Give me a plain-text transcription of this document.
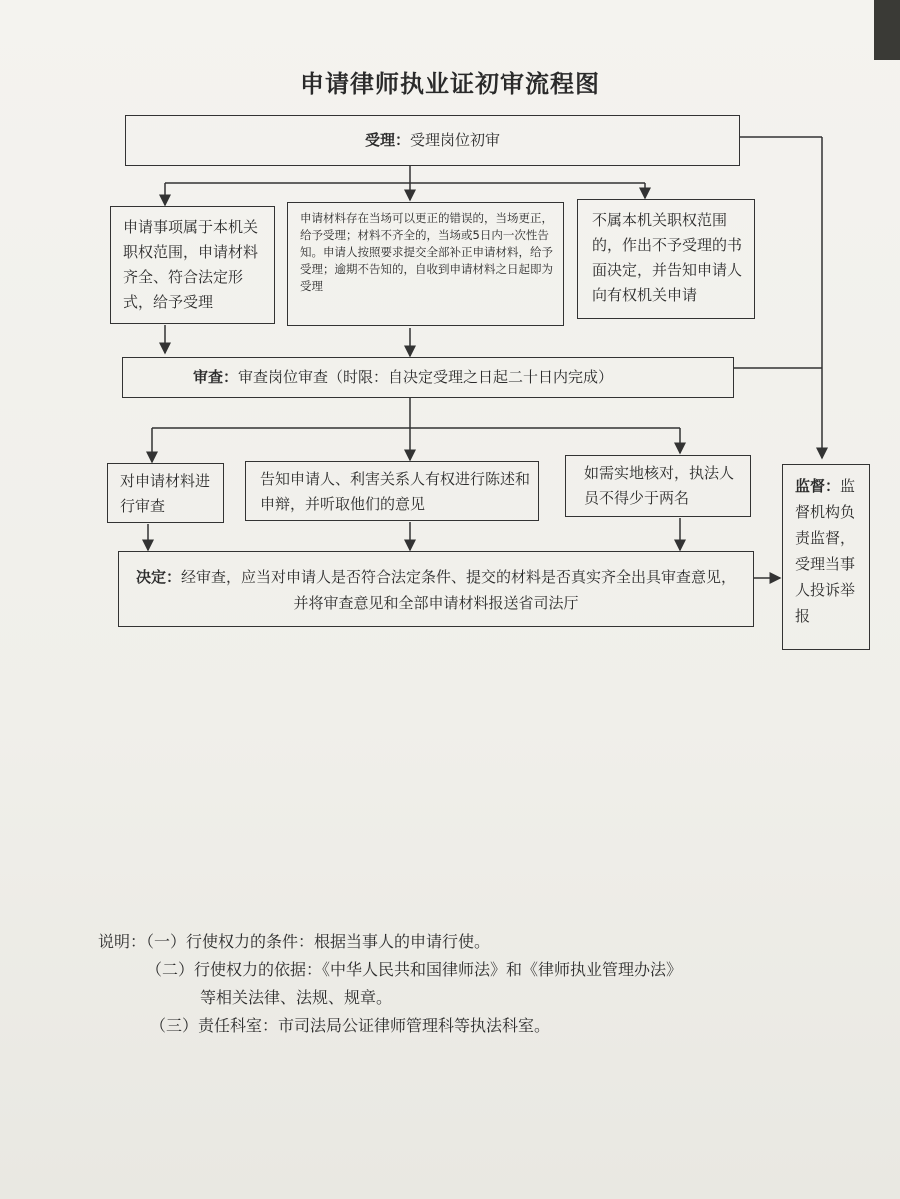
申请律师执业证初审流程图
受理：受理岗位初审
申请事项属于本机关职权范围，申请材料齐全、符合法定形式，给予受理
申请材料存在当场可以更正的错误的，当场更正，给予受理；材料不齐全的，当场或5日内一次性告知。申请人按照要求提交全部补正申请材料，给予受理；逾期不告知的，自收到申请材料之日起即为受理
不属本机关职权范围的，作出不予受理的书面决定，并告知申请人向有权机关申请
审查：审查岗位审查（时限：自决定受理之日起二十日内完成）
对申请材料进行审查
告知申请人、利害关系人有权进行陈述和申辩，并听取他们的意见
如需实地核对，执法人员不得少于两名
决定：经审查，应当对申请人是否符合法定条件、提交的材料是否真实齐全出具审查意见，并将审查意见和全部申请材料报送省司法厅
监督：监督机构负责监督，受理当事人投诉举报
说明：（一）行使权力的条件：根据当事人的申请行使。
（二）行使权力的依据：《中华人民共和国律师法》和《律师执业管理办法》
等相关法律、法规、规章。
（三）责任科室：市司法局公证律师管理科等执法科室。
